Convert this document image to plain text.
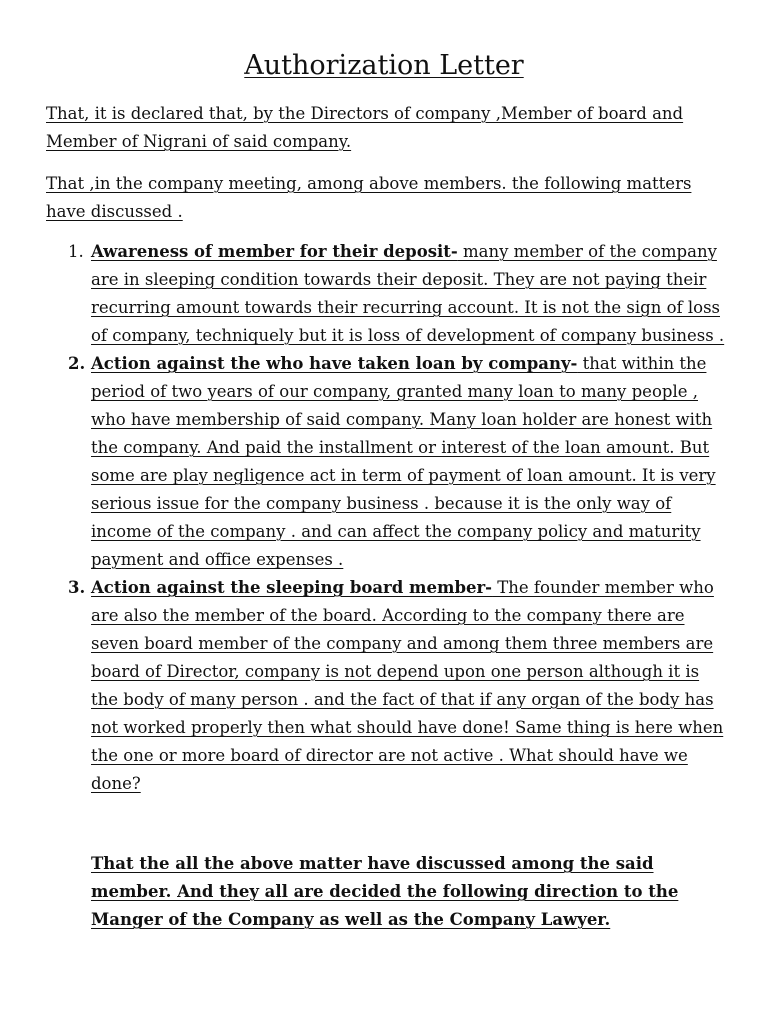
Authorization Letter

That, it is declared that, by the Directors of company ,Member of board and Member of Nigrani of said company.

That ,in the company meeting, among above members. the following matters have discussed .

1. Awareness of member for their deposit- many member of the company are in sleeping condition towards their deposit. They are not paying their recurring amount towards their recurring account. It is not the sign of loss of company, techniquely but it is loss of development of company business .
2. Action against the who have taken loan by company- that within the period of two years of our company, granted many loan to many people , who have membership of said company. Many loan holder are honest with the company. And paid the installment or interest of the loan amount. But some are play negligence act in term of payment of loan amount. It is very serious issue for the company business . because it is the only way of income of the company . and can affect the company policy and maturity payment and office expenses .
3. Action against the sleeping board member- The founder member who are also the member of the board. According to the company there are seven board member of the company and among them three members are board of Director, company is not depend upon one person although it is the body of many person . and the fact of that if any organ of the body has not worked properly then what should have done! Same thing is here when the one or more board of director are not active . What should have we done?

That the all the above matter have discussed among the said member. And they all are decided the following direction to the Manger of the Company as well as the Company Lawyer.
